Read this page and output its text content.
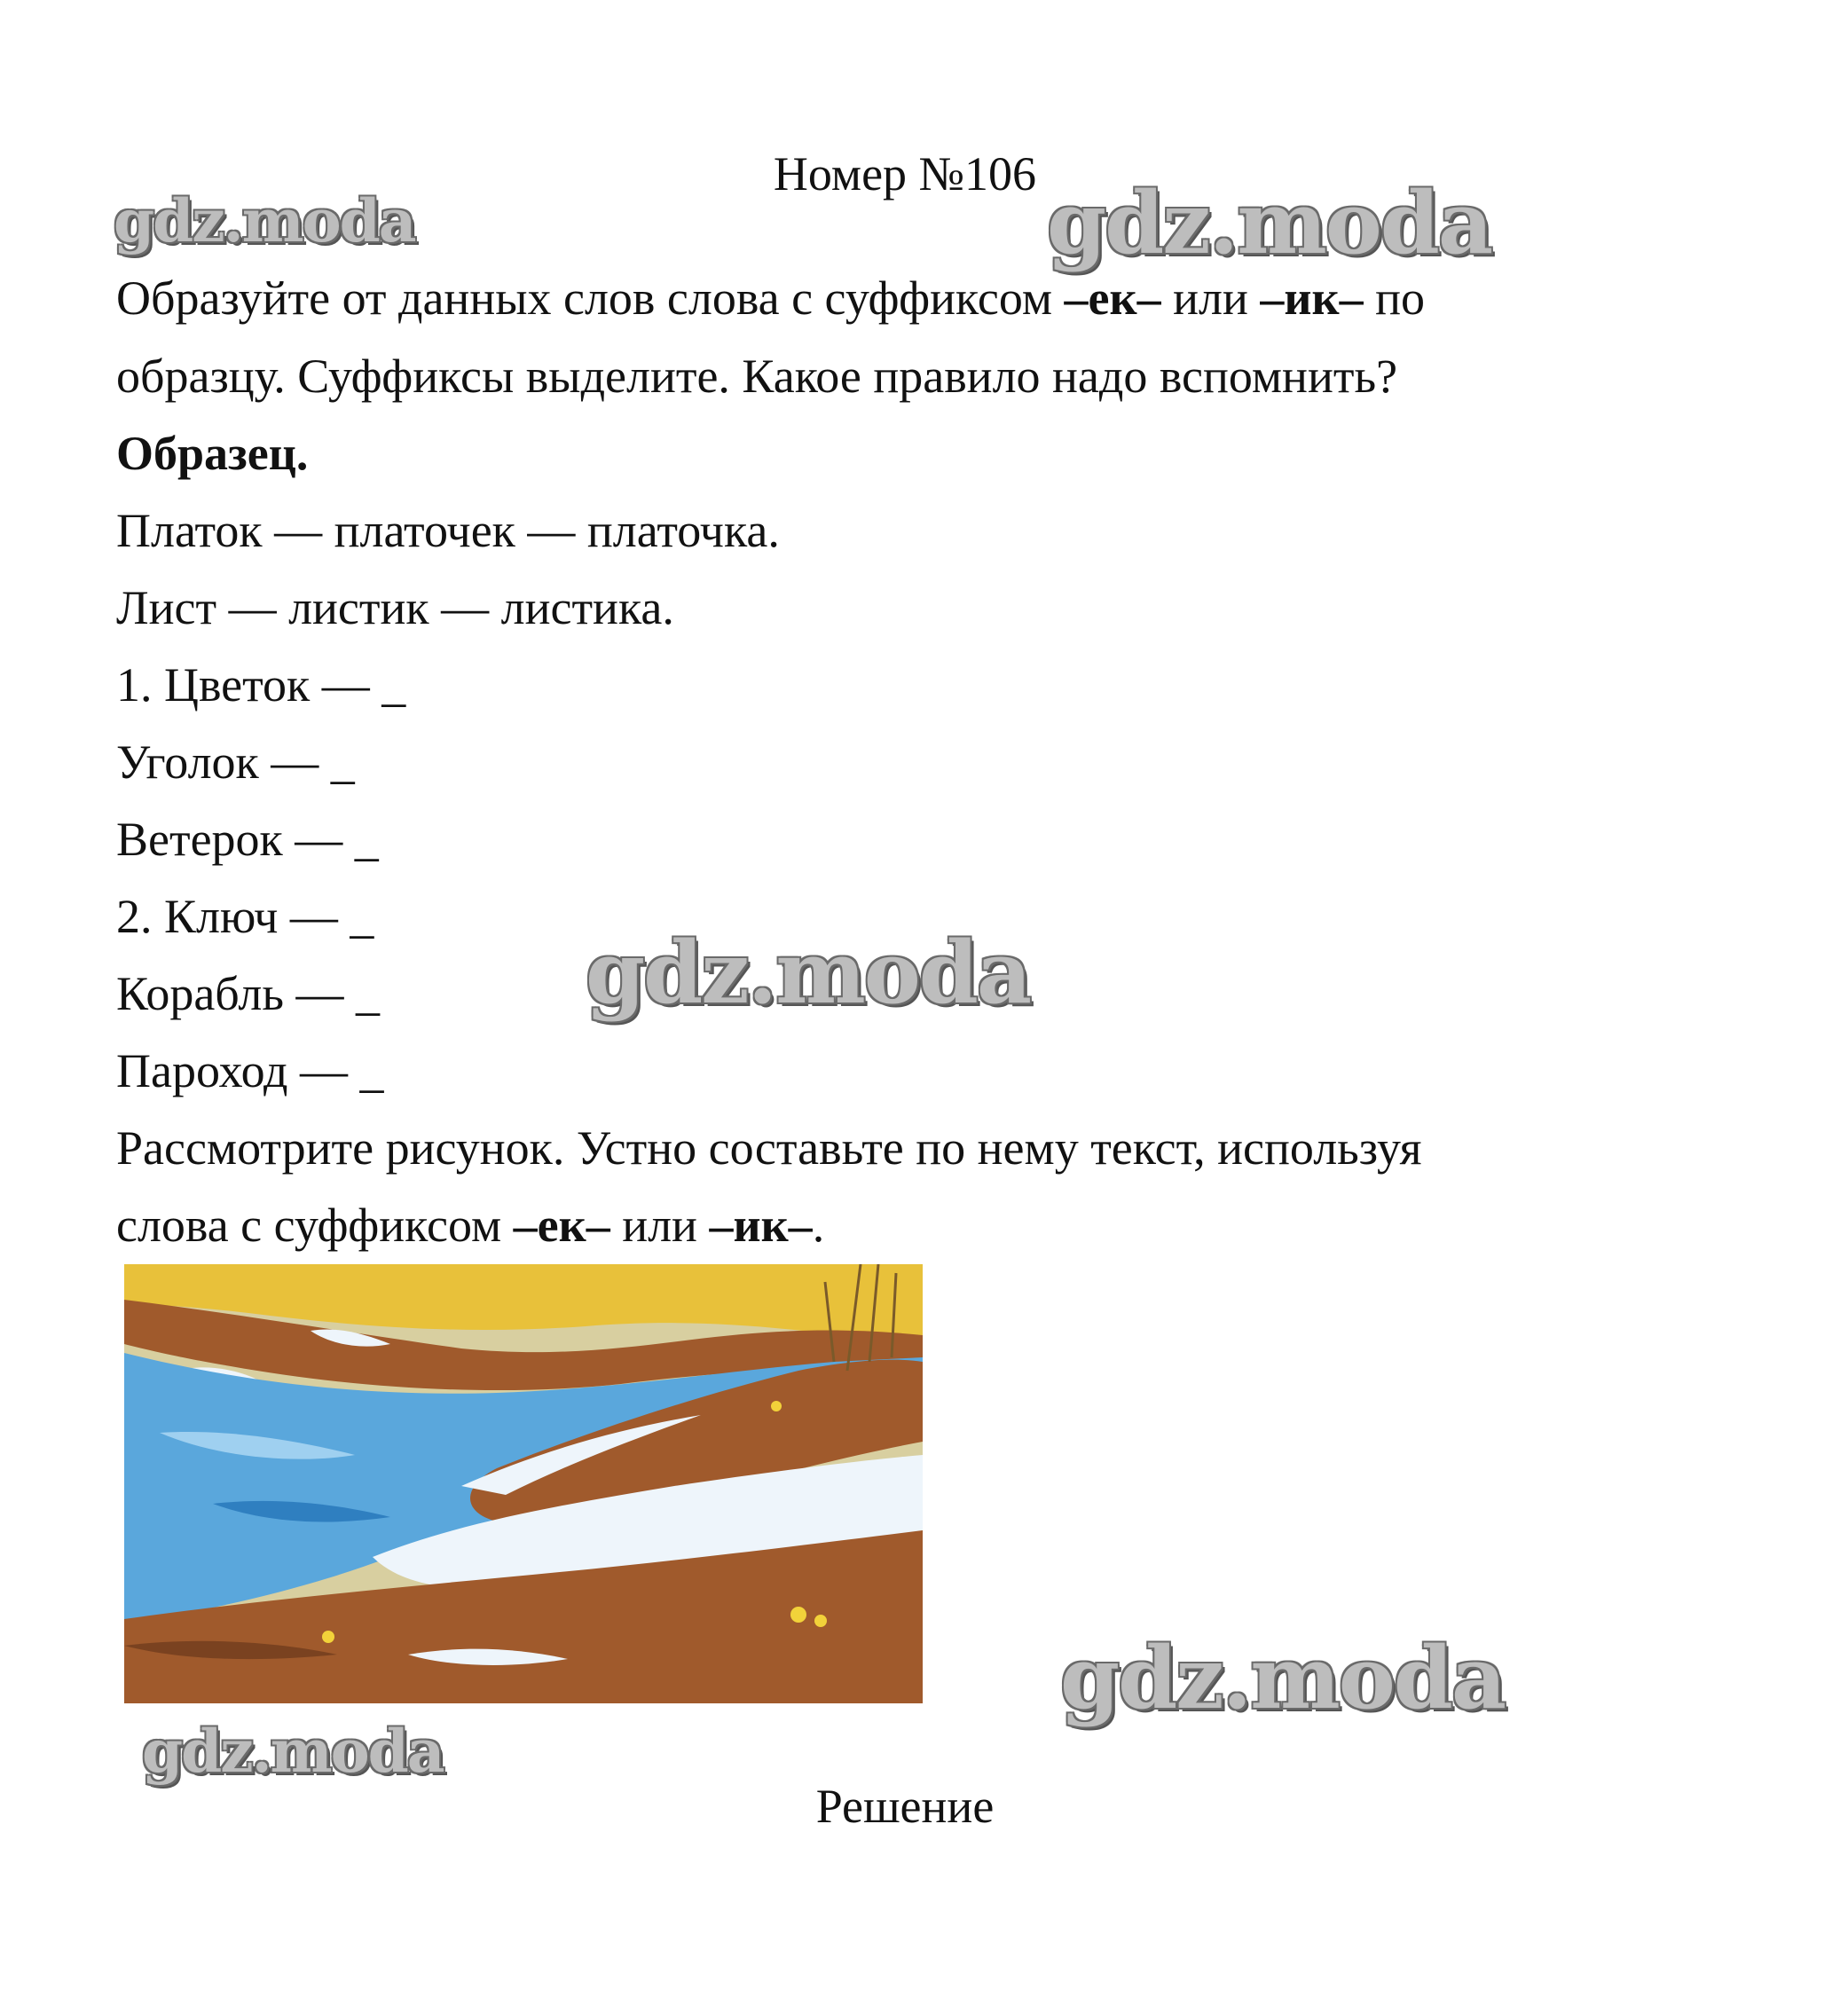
Номер №106
gdz.moda	gdz.moda
Образуйте от данных слов слова с суффиксом –ек– или –ик– по
образцу. Суффиксы выделите. Какое правило надо вспомнить?
Образец.
Платок — платочек — платочка.
Лист — листик — листика.
1. Цветок — _
Уголок — _
Ветерок — _
2. Ключ — _
Корабль — _
Пароход — _
gdz.moda
Рассмотрите рисунок. Устно составьте по нему текст, используя
слова с суффиксом –ек– или –ик–.
gdz.moda
gdz.moda
Решение
